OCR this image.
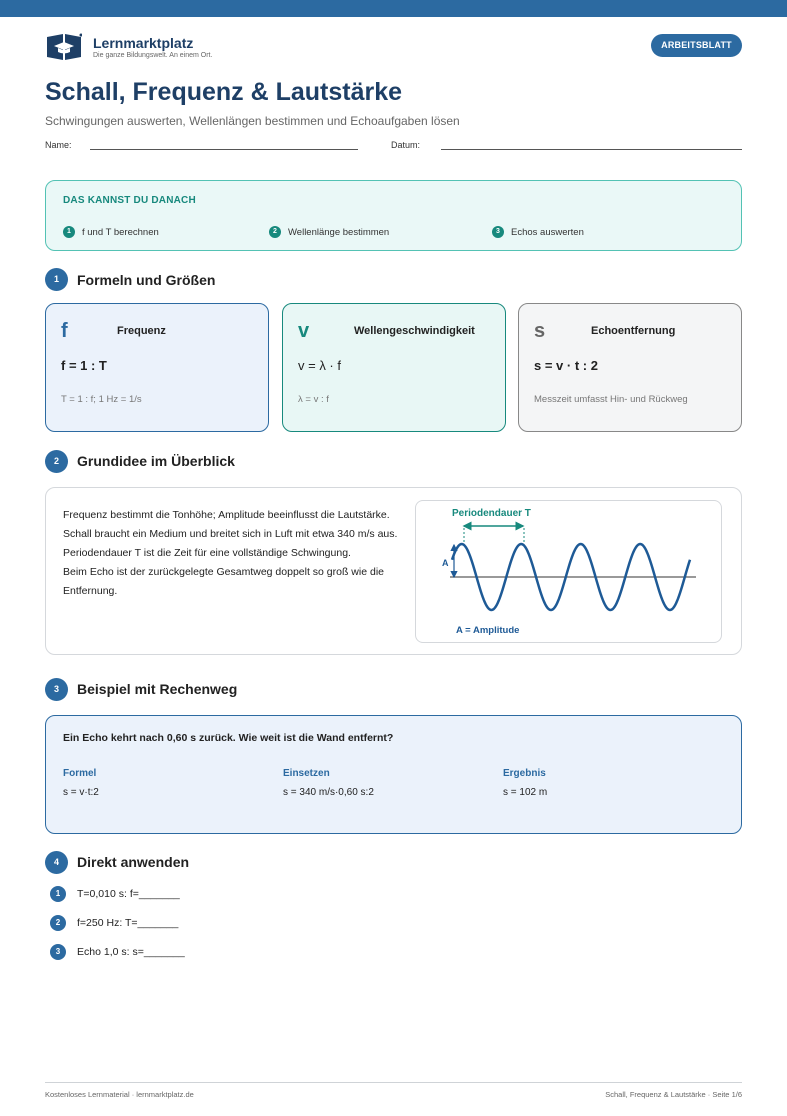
Lernmarktplatz
Die ganze Bildungswelt. An einem Ort.
ARBEITSBLATT
Schall, Frequenz & Lautstärke
Schwingungen auswerten, Wellenlängen bestimmen und Echoaufgaben lösen
Name:	Datum:
DAS KANNST DU DANACH
1	f und T berechnen	2	Wellenlänge bestimmen	3	Echos auswerten
1	Formeln und Größen
f	Frequenz
f = 1 : T
T = 1 : f; 1 Hz = 1/s
v	Wellengeschwindigkeit
v = λ · f
λ = v : f
s	Echoentfernung
s = v · t : 2
Messzeit umfasst Hin- und Rückweg
2	Grundidee im Überblick

Frequenz bestimmt die Tonhöhe; Amplitude beeinflusst die Lautstärke.

Schall braucht ein Medium und breitet sich in Luft mit etwa 340 m/s aus.

Periodendauer T ist die Zeit für eine vollständige Schwingung.

Beim Echo ist der zurückgelegte Gesamtweg doppelt so groß wie die Entfernung.

Periodendauer T
A
A = Amplitude
3	Beispiel mit Rechenweg
Ein Echo kehrt nach 0,60 s zurück. Wie weit ist die Wand entfernt?
Formel
s = v·t:2
Einsetzen
s = 340 m/s·0,60 s:2
Ergebnis
s = 102 m
4	Direkt anwenden
1	T=0,010 s: f=_______
2	f=250 Hz: T=_______
3	Echo 1,0 s: s=_______
Kostenloses Lernmaterial · lernmarktplatz.de	Schall, Frequenz & Lautstärke · Seite 1/6
